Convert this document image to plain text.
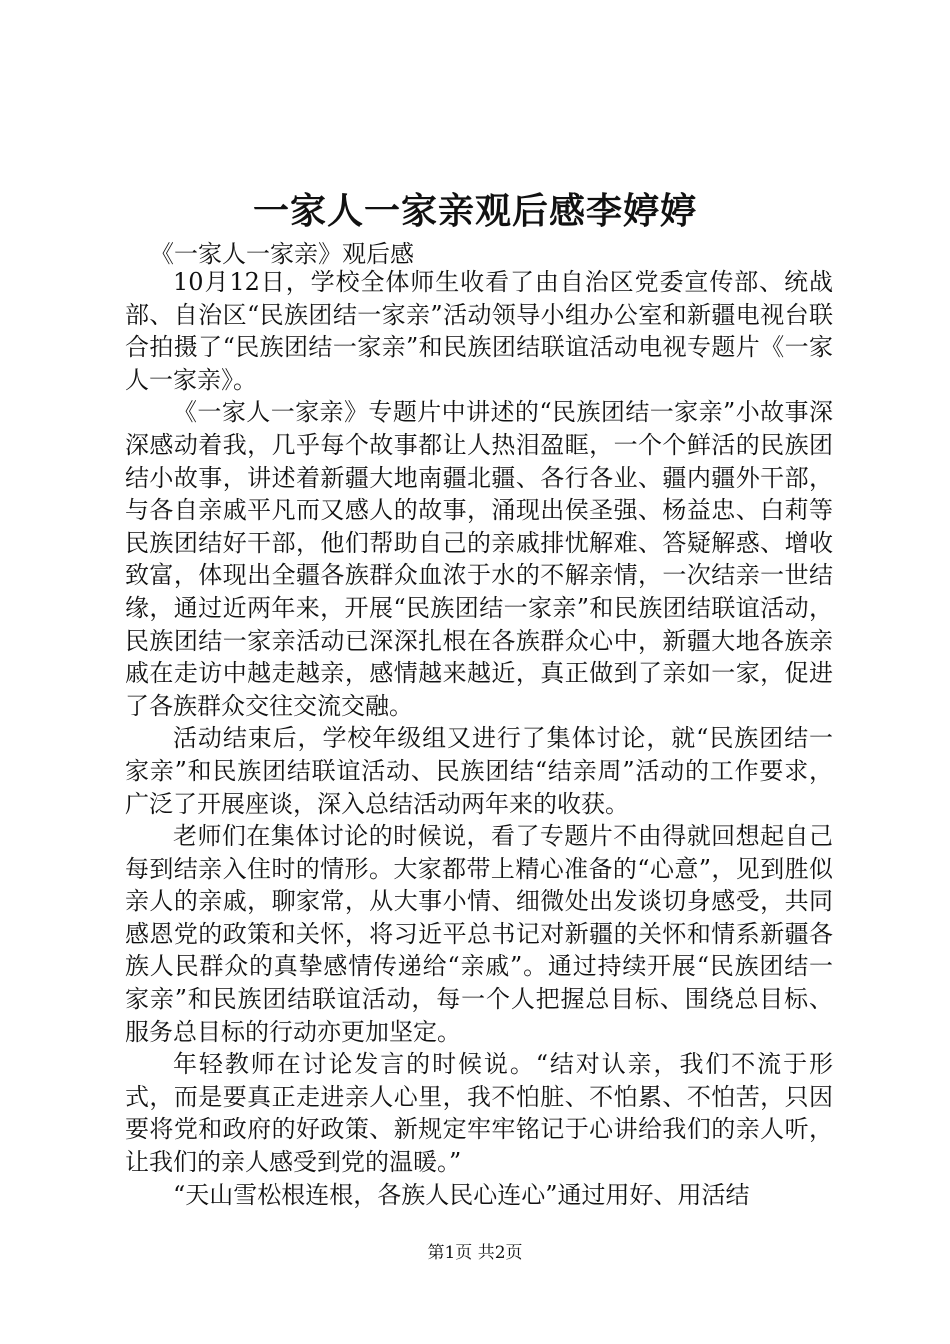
一家人一家亲观后感李婷婷
《一家人一家亲》观后感

10月12日，学校全体师生收看了由自治区党委宣传部、统战部、自治区“民族团结一家亲”活动领导小组办公室和新疆电视台联合拍摄了“民族团结一家亲”和民族团结联谊活动电视专题片《一家人一家亲》。

《一家人一家亲》专题片中讲述的“民族团结一家亲”小故事深深感动着我，几乎每个故事都让人热泪盈眶，一个个鲜活的民族团结小故事，讲述着新疆大地南疆北疆、各行各业、疆内疆外干部，与各自亲戚平凡而又感人的故事，涌现出侯圣强、杨益忠、白莉等民族团结好干部，他们帮助自己的亲戚排忧解难、答疑解惑、增收致富，体现出全疆各族群众血浓于水的不解亲情，一次结亲一世结缘，通过近两年来，开展“民族团结一家亲”和民族团结联谊活动，民族团结一家亲活动已深深扎根在各族群众心中，新疆大地各族亲戚在走访中越走越亲，感情越来越近，真正做到了亲如一家，促进了各族群众交往交流交融。

活动结束后，学校年级组又进行了集体讨论，就“民族团结一家亲”和民族团结联谊活动、民族团结“结亲周”活动的工作要求，广泛了开展座谈，深入总结活动两年来的收获。

老师们在集体讨论的时候说，看了专题片不由得就回想起自己每到结亲入住时的情形。大家都带上精心准备的“心意”，见到胜似亲人的亲戚，聊家常，从大事小情、细微处出发谈切身感受，共同感恩党的政策和关怀，将习近平总书记对新疆的关怀和情系新疆各族人民群众的真挚感情传递给“亲戚”。通过持续开展“民族团结一家亲”和民族团结联谊活动，每一个人把握总目标、围绕总目标、服务总目标的行动亦更加坚定。

年轻教师在讨论发言的时候说。“结对认亲，我们不流于形式，而是要真正走进亲人心里，我不怕脏、不怕累、不怕苦，只因要将党和政府的好政策、新规定牢牢铭记于心讲给我们的亲人听，让我们的亲人感受到党的温暖。”

“天山雪松根连根，各族人民心连心”通过用好、用活结

第1页 共2页
